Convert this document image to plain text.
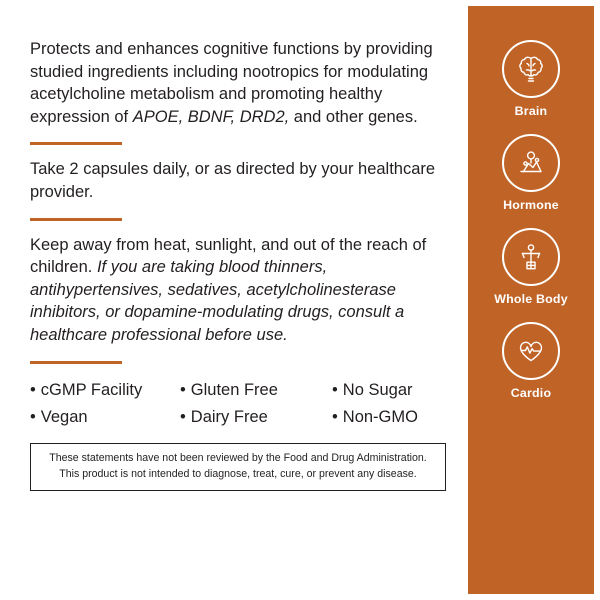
Protects and enhances cognitive functions by providing studied ingredients including nootropics for modulating acetylcholine metabolism and promoting healthy expression of APOE, BDNF, DRD2, and other genes.

Take 2 capsules daily, or as directed by your healthcare provider.

Keep away from heat, sunlight, and out of the reach of children. If you are taking blood thinners, antihypertensives, sedatives, acetylcholinesterase inhibitors, or dopamine-modulating drugs, consult a healthcare professional before use.

• cGMP Facility	• Gluten Free	• No Sugar
• Vegan	• Dairy Free	• Non-GMO
These statements have not been reviewed by the Food and Drug Administration. This product is not intended to diagnose, treat, cure, or prevent any disease.
Brain
Hormone
Whole Body
Cardio
